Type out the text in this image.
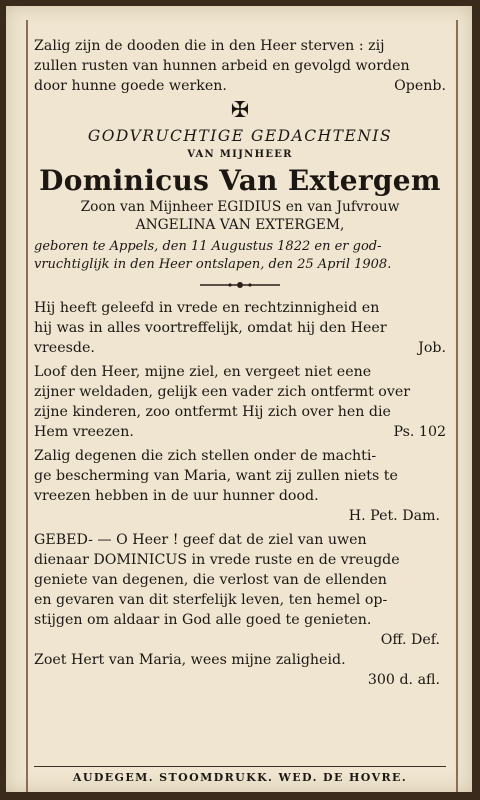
Zalig zijn de dooden die in den Heer sterven : zij
zullen rusten van hunnen arbeid en gevolgd worden
door hunne goede werken.	Openb.
✠
GODVRUCHTIGE GEDACHTENIS
VAN MIJNHEER
Dominicus Van Extergem
Zoon van Mijnheer EGIDIUS en van Jufvrouw
ANGELINA VAN EXTERGEM,
geboren te Appels, den 11 Augustus 1822 en er god-
vruchtiglijk in den Heer ontslapen, den 25 April 1908.
Hij heeft geleefd in vrede en rechtzinnigheid en
hij was in alles voortreffelijk, omdat hij den Heer
vreesde.	Job.
Loof den Heer, mijne ziel, en vergeet niet eene
zijner weldaden, gelijk een vader zich ontfermt over
zijne kinderen, zoo ontfermt Hij zich over hen die
Hem vreezen.	Ps. 102
Zalig degenen die zich stellen onder de machti-
ge bescherming van Maria, want zij zullen niets te
vreezen hebben in de uur hunner dood.
H. Pet. Dam.
GEBED- — O Heer ! geef dat de ziel van uwen
dienaar DOMINICUS in vrede ruste en de vreugde
geniete van degenen, die verlost van de ellenden
en gevaren van dit sterfelijk leven, ten hemel op-
stijgen om aldaar in God alle goed te genieten.
Off. Def.
Zoet Hert van Maria, wees mijne zaligheid.
300 d. afl.
AUDEGEM. STOOMDRUKK. WED. DE HOVRE.
